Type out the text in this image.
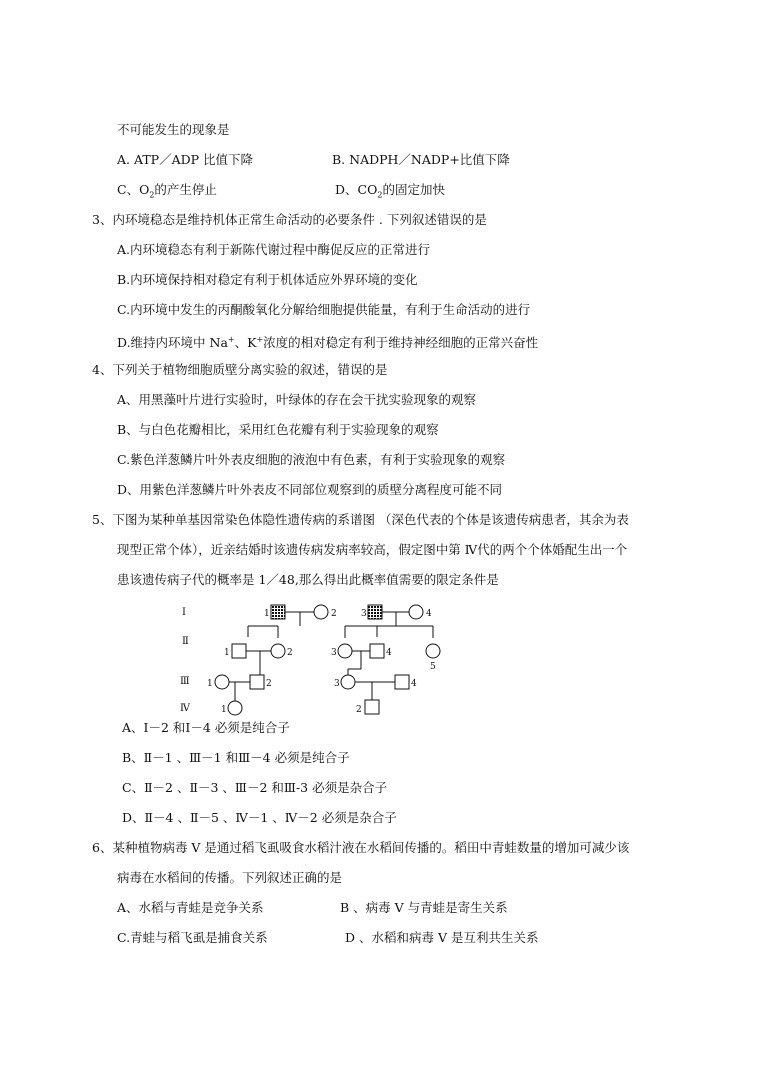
不可能发生的现象是
A. ATP／ADP 比值下降	B. NADPH／NADP+比值下降
C、$O_2$的产生停止	D、$CO_2$的固定加快
3、内环境稳态是维持机体正常生命活动的必要条件 . 下列叙述错误的是
A.内环境稳态有利于新陈代谢过程中酶促反应的正常进行
B.内环境保持相对稳定有利于机体适应外界环境的变化
C.内环境中发生的丙酮酸氧化分解给细胞提供能量，有利于生命活动的进行
D.维持内环境中 Na+、K+浓度的相对稳定有利于维持神经细胞的正常兴奋性
4、下列关于植物细胞质壁分离实验的叙述，错误的是
A、用黑藻叶片进行实验时，叶绿体的存在会干扰实验现象的观察
B、与白色花瓣相比，采用红色花瓣有利于实验现象的观察
C.紫色洋葱鳞片叶外表皮细胞的液泡中有色素，有利于实验现象的观察
D、用紫色洋葱鳞片叶外表皮不同部位观察到的质壁分离程度可能不同
5、下图为某种单基因常染色体隐性遗传病的系谱图 （深色代表的个体是该遗传病患者，其余为表
现型正常个体），近亲结婚时该遗传病发病率较高，假定图中第 Ⅳ代的两个个体婚配生出一个
患该遗传病子代的概率是 1／48,那么得出此概率值需要的限定条件是
Ⅰ
Ⅱ
Ⅲ
Ⅳ
1	2	3	4
1	2	3	4
5
1	2	3	4
1	2
A、Ⅰ－2 和Ⅰ－4 必须是纯合子
B、Ⅱ－1 、Ⅲ－1 和Ⅲ－4 必须是纯合子
C、Ⅱ－2 、Ⅱ－3 、Ⅲ－2 和Ⅲ-3 必须是杂合子
D、Ⅱ－4 、Ⅱ－5 、Ⅳ－1 、Ⅳ－2 必须是杂合子
6、某种植物病毒 V 是通过稻飞虱吸食水稻汁液在水稻间传播的。稻田中青蛙数量的增加可减少该
病毒在水稻间的传播。下列叙述正确的是
A、水稻与青蛙是竞争关系	B 、病毒 V 与青蛙是寄生关系
C.青蛙与稻飞虱是捕食关系	D 、水稻和病毒 V 是互利共生关系
